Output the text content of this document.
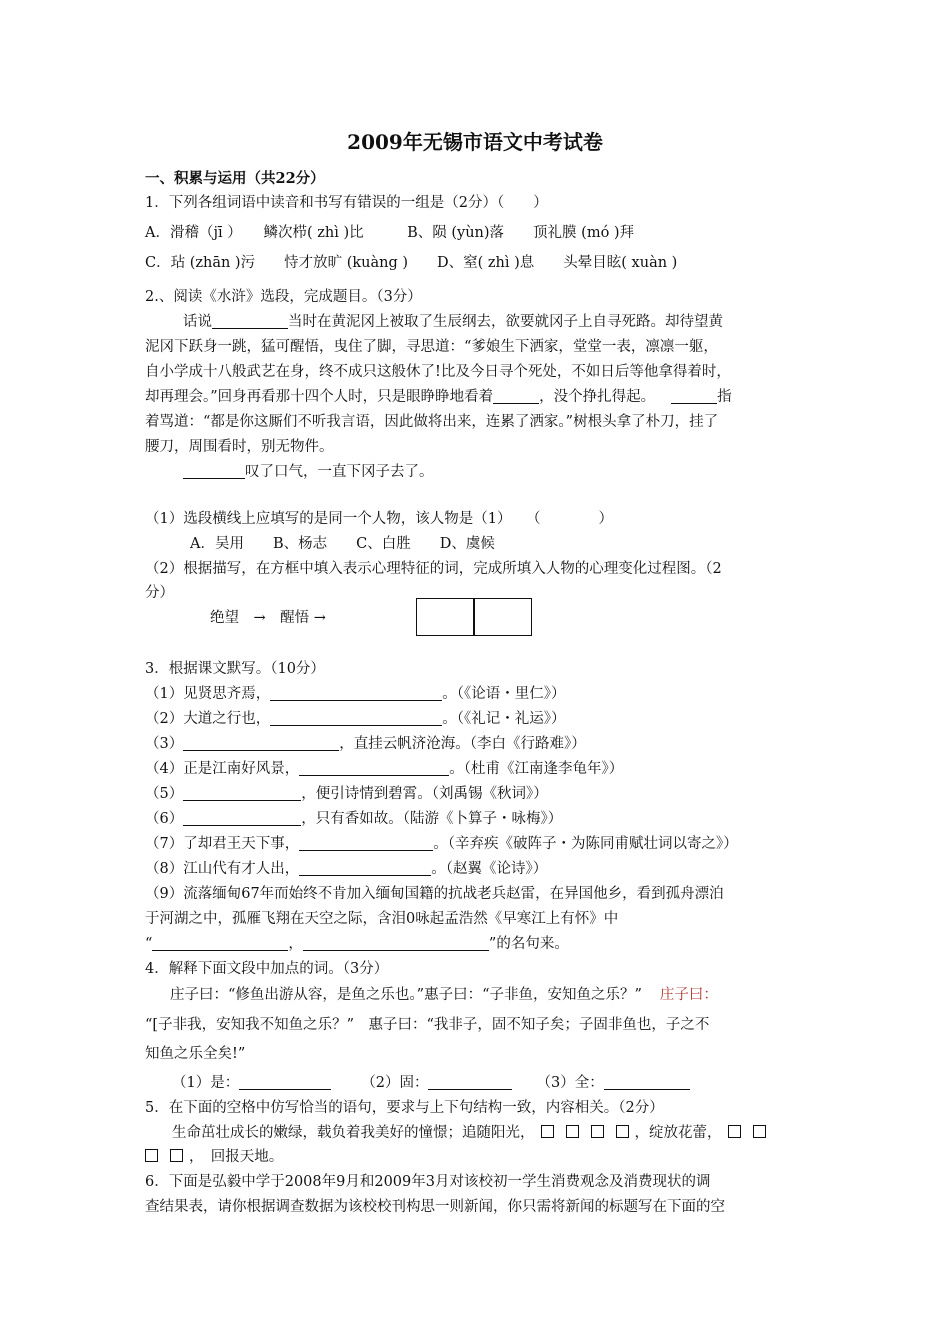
2009年无锡市语文中考试卷
一、积累与运用（共22分）
1．下列各组词语中读音和书写有错误的一组是（2分）（　　）
A．滑稽（jī ）　　鳞次栉( zhì )比　　　B、陨 (yùn)落　　顶礼膜 (mó )拜
C．玷 (zhān )污　　恃才放旷 (kuàng )　　D、窒( zhì )息　　头晕目眩( xuàn )
2.、阅读《水浒》选段，完成题目。（3分）
话说	当时在黄泥冈上被取了生辰纲去，欲要就冈子上自寻死路。却待望黄
泥冈下跃身一跳，猛可醒悟，曳住了脚，寻思道：“爹娘生下洒家，堂堂一表，凛凛一躯，
自小学成十八般武艺在身，终不成只这般休了!比及今日寻个死处，不如日后等他拿得着时，
却再理会。”回身再看那十四个人时，只是眼睁睁地看着	，没个挣扎得起。	指
着骂道：“都是你这厮们不听我言语，因此做将出来，连累了洒家。”树根头拿了朴刀，挂了
腰刀，周围看时，别无物件。
叹了口气，一直下冈子去了。
（1）选段横线上应填写的是同一个人物，该人物是（1）　　（　　　　）
A．吴用　　B、杨志　　C、白胜　　D、虞候
（2）根据描写，在方框中填入表示心理特征的词，完成所填入人物的心理变化过程图。（2
分）
绝望　→　醒悟 →
3．根据课文默写。（10分）
（1）见贤思齐焉，	。（《论语・里仁》）
（2）大道之行也，	。（《礼记・礼运》）
（3）	，直挂云帆济沧海。（李白《行路难》）
（4）正是江南好风景，	。（杜甫《江南逢李龟年》）
（5）	，便引诗情到碧霄。（刘禹锡《秋词》）
（6）	，只有香如故。（陆游《卜算子・咏梅》）
（7）了却君王天下事，	。（辛弃疾《破阵子・为陈同甫赋壮词以寄之》）
（8）江山代有才人出，	。（赵翼《论诗》）
（9）流落缅甸67年而始终不肯加入缅甸国籍的抗战老兵赵雷，在异国他乡，看到孤舟漂泊
于河湖之中，孤雁飞翔在天空之际，含泪0咏起孟浩然《早寒江上有怀》中
“	，	”的名句来。
4．解释下面文段中加点的词。（3分）
庄子曰：“修鱼出游从容，是鱼之乐也。”惠子曰：“子非鱼，安知鱼之乐？” 庄子曰：
“[子非我，安知我不知鱼之乐？”　惠子曰：“我非子，固不知子矣；子固非鱼也，子之不
知鱼之乐全矣!”
（1）是：	（2）固：	（3）全：
5．在下面的空格中仿写恰当的语句，要求与上下句结构一致，内容相关。（2分）
生命茁壮成长的嫩绿，载负着我美好的憧憬；追随阳光，	，绽放花蕾，
，　回报天地。
6．下面是弘毅中学于2008年9月和2009年3月对该校初一学生消费观念及消费现状的调
查结果表，请你根据调查数据为该校校刊构思一则新闻，你只需将新闻的标题写在下面的空
